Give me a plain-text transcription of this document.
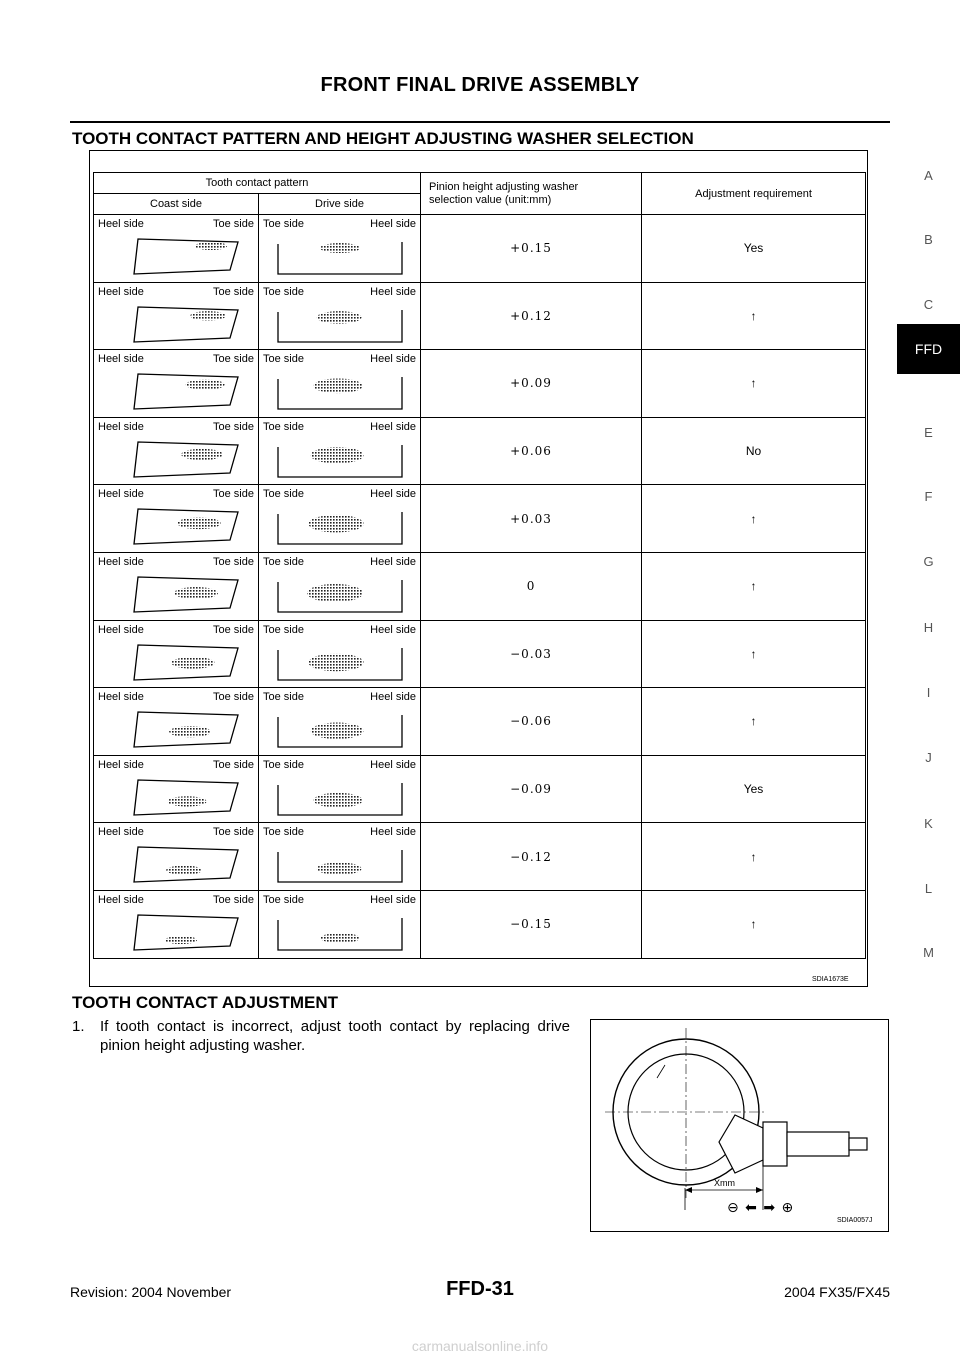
FRONT FINAL DRIVE ASSEMBLY
TOOTH CONTACT PATTERN AND HEIGHT ADJUSTING WASHER SELECTION
Tooth contact pattern		Pinion height adjusting washer
selection value (unit:mm)	Adjustment requirement
Coast side	Drive side		

Heel side Toe side	Toe side Heel side	+0.15	Yes

Heel side Toe side	Toe side Heel side	+0.12	↑

Heel side Toe side	Toe side Heel side	+0.09	↑

Heel side Toe side	Toe side Heel side	+0.06	No

Heel side Toe side	Toe side Heel side	+0.03	↑

Heel side Toe side	Toe side Heel side	0	↑

Heel side Toe side	Toe side Heel side	−0.03	↑

Heel side Toe side	Toe side Heel side	−0.06	↑

Heel side Toe side	Toe side Heel side	−0.09	Yes

Heel side Toe side	Toe side Heel side	−0.12	↑

Heel side Toe side	Toe side Heel side	−0.15	↑
SDIA1673E
TOOTH CONTACT ADJUSTMENT
1. If tooth contact is incorrect, adjust tooth contact by replacing drive pinion height adjusting washer.
Xmm
⊖ ⬅ ➡ ⊕
SDIA0057J
A
B
C
FFD
E
F
G
H
I
J
K
L
M
Revision: 2004 November	FFD-31	2004 FX35/FX45
carmanualsonline.info
